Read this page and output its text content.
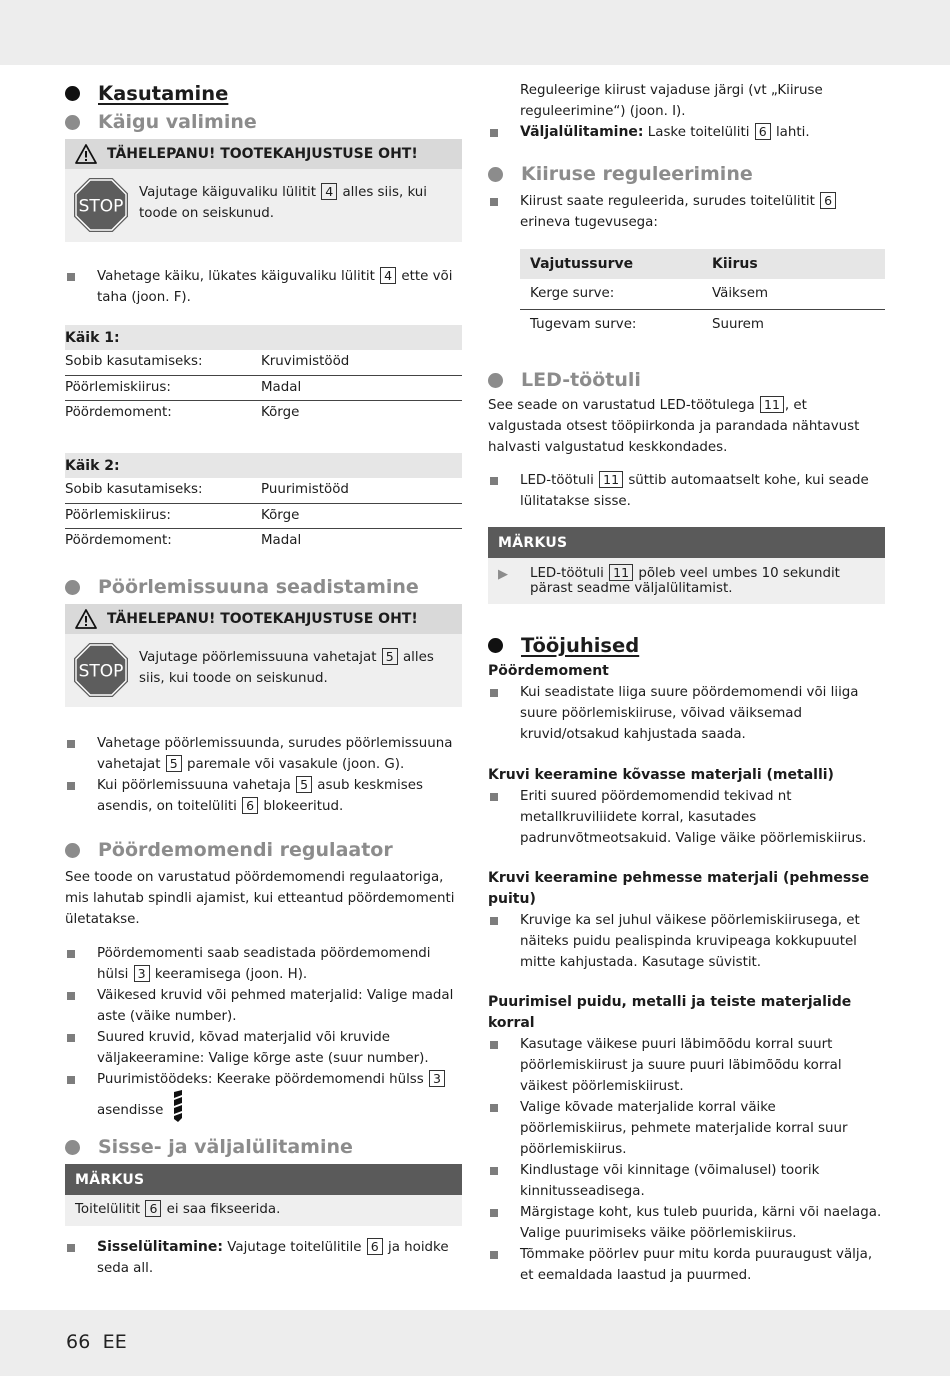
Kasutamine
Käigu valimine
TÄHELEPANU! TOOTEKAHJUSTUSE OHT!
STOP

Vajutage käiguvaliku lülitit 4 alles siis, kui toode on seiskunud.

Vahetage käiku, lükates käiguvaliku lülitit 4 ette või taha (joon. F).
Käik 1:	
Sobib kasutamiseks:	Kruvimistööd
Pöörlemiskiirus:	Madal
Pöördemoment:	Kõrge
Käik 2:	
Sobib kasutamiseks:	Puurimistööd
Pöörlemiskiirus:	Kõrge
Pöördemoment:	Madal
Pöörlemissuuna seadistamine
TÄHELEPANU! TOOTEKAHJUSTUSE OHT!
STOP

Vajutage pöörlemissuuna vahetajat 5 alles siis, kui toode on seiskunud.

Vahetage pöörlemissuunda, surudes pöörlemissuuna vahetajat 5 paremale või vasakule (joon. G).
Kui pöörlemissuuna vahetaja 5 asub keskmises asendis, on toitelüliti 6 blokeeritud.
Pöördemomendi regulaator

See toode on varustatud pöördemomendi regulaatoriga, mis lahutab spindli ajamist, kui etteantud pöördemomenti ületatakse.

Pöördemomenti saab seadistada pöördemomendi hülsi 3 keeramisega (joon. H).
Väikesed kruvid või pehmed materjalid: Valige madal aste (väike number).
Suured kruvid, kõvad materjalid või kruvide väljakeeramine: Valige kõrge aste (suur number).
Puurimistöödeks: Keerake pöördemomendi hülss 3
asendisse
Sisse- ja väljalülitamine
MÄRKUS
Toitelülitit 6 ei saa fikseerida.
Sisselülitamine: Vajutage toitelülitile 6 ja hoidke seda all.

Reguleerige kiirust vajaduse järgi (vt „Kiiruse reguleerimine“) (joon. I).

Väljalülitamine: Laske toitelüliti 6 lahti.
Kiiruse reguleerimine
Kiirust saate reguleerida, surudes toitelülitit 6 erineva tugevusega:
Vajutussurve	Kiirus
Kerge surve:	Väiksem
Tugevam surve:	Suurem
LED-töötuli

See seade on varustatud LED-töötulega 11 , et valgustada otsest tööpiirkonda ja parandada nähtavust halvasti valgustatud keskkondades.

LED-töötuli 11 süttib automaatselt kohe, kui seade lülitatakse sisse.
MÄRKUS
▶	LED-töötuli 11 põleb veel umbes 10 sekundit pärast seadme väljalülitamist.
Tööjuhised
Pöördemoment
Kui seadistate liiga suure pöördemomendi või liiga suure pöörlemiskiiruse, võivad väiksemad kruvid/otsakud kahjustada saada.
Kruvi keeramine kõvasse materjali (metalli)
Eriti suured pöördemomendid tekivad nt metallkruviliidete korral, kasutades padrunvõtmeotsakuid. Valige väike pöörlemiskiirus.
Kruvi keeramine pehmesse materjali (pehmesse puitu)
Kruvige ka sel juhul väikese pöörlemiskiirusega, et näiteks puidu pealispinda kruvipeaga kokkupuutel mitte kahjustada. Kasutage süvistit.
Puurimisel puidu, metalli ja teiste materjalide korral
Kasutage väikese puuri läbimõõdu korral suurt pöörlemiskiirust ja suure puuri läbimõõdu korral väikest pöörlemiskiirust.
Valige kõvade materjalide korral väike pöörlemiskiirus, pehmete materjalide korral suur pöörlemiskiirus.
Kindlustage või kinnitage (võimalusel) toorik kinnitusseadisega.
Märgistage koht, kus tuleb puurida, kärni või naelaga. Valige puurimiseks väike pöörlemiskiirus.
Tõmmake pöörlev puur mitu korda puuraugust välja, et eemaldada laastud ja puurmed.
66 EE
